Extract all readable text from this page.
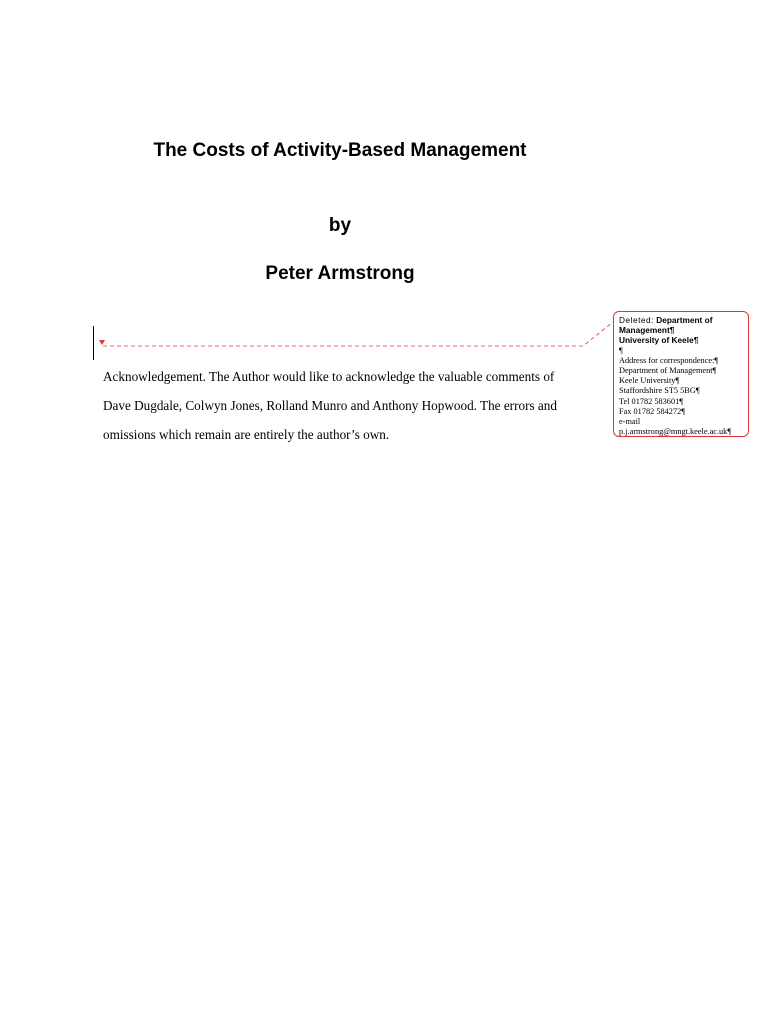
The Costs of Activity-Based Management
by
Peter Armstrong

Acknowledgement. The Author would like to acknowledge the valuable comments of

Dave Dugdale, Colwyn Jones, Rolland Munro and Anthony Hopwood. The errors and

omissions which remain are entirely the author’s own.

Deleted: Department of
Management¶
University of Keele¶
¶
Address for correspondence:¶
Department of Management¶
Keele University¶
Staffordshire ST5 5BG¶
Tel 01782 583601¶
Fax 01782 584272¶
e-mail
p.j.armstrong@mngt.keele.ac.uk¶
